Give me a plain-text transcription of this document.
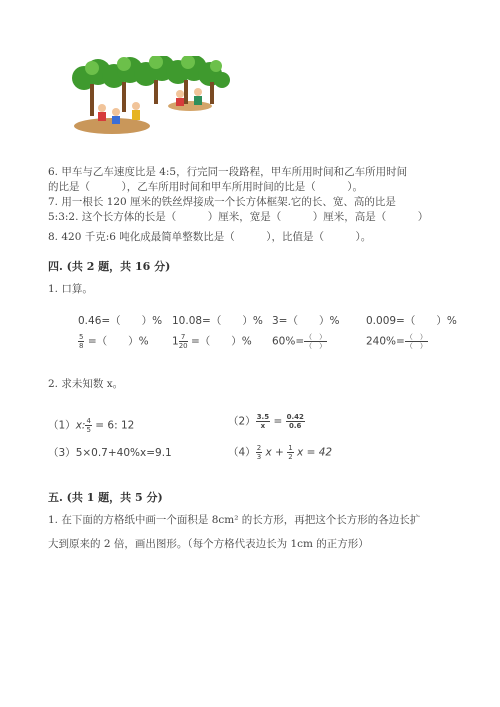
6. 甲车与乙车速度比是 4:5，行完同一段路程，甲车所用时间和乙车所用时间
的比是（　　　），乙车所用时间和甲车所用时间的比是（　　　）。
7. 用一根长 120 厘米的铁丝焊接成一个长方体框架.它的长、宽、高的比是
5:3:2. 这个长方体的长是（　　　）厘米，宽是（　　　）厘米，高是（　　　）
8. 420 千克:6 吨化成最简单整数比是（　　　），比值是（　　　）。
四. (共 2 题，共 16 分)
1. 口算。
0.46=（　　）% 10.08=（　　）% 3=（　　）%	0.009=（　　）%
$\frac{5}{8}$ =（　　）% $1 \frac{7}{20}$ =（　　）% $60\%= \frac{( )}{( )}$	$240\%= \frac{( )}{( )}$
2. 求未知数 x。
（1）x: $\frac{4}{5} = 6$: 12	$(2) \frac{3.5}{x} = \frac{0.42}{0.6}$
（3）5×0.7+40%x=9.1	$(4) \frac{2}{3}$ $x + \frac{1}{2}$ x = 42
五. (共 1 题，共 5 分)
1. 在下面的方格纸中画一个面积是 8cm² 的长方形，再把这个长方形的各边长扩
大到原来的 2 倍，画出图形。（每个方格代表边长为 1cm 的正方形）
